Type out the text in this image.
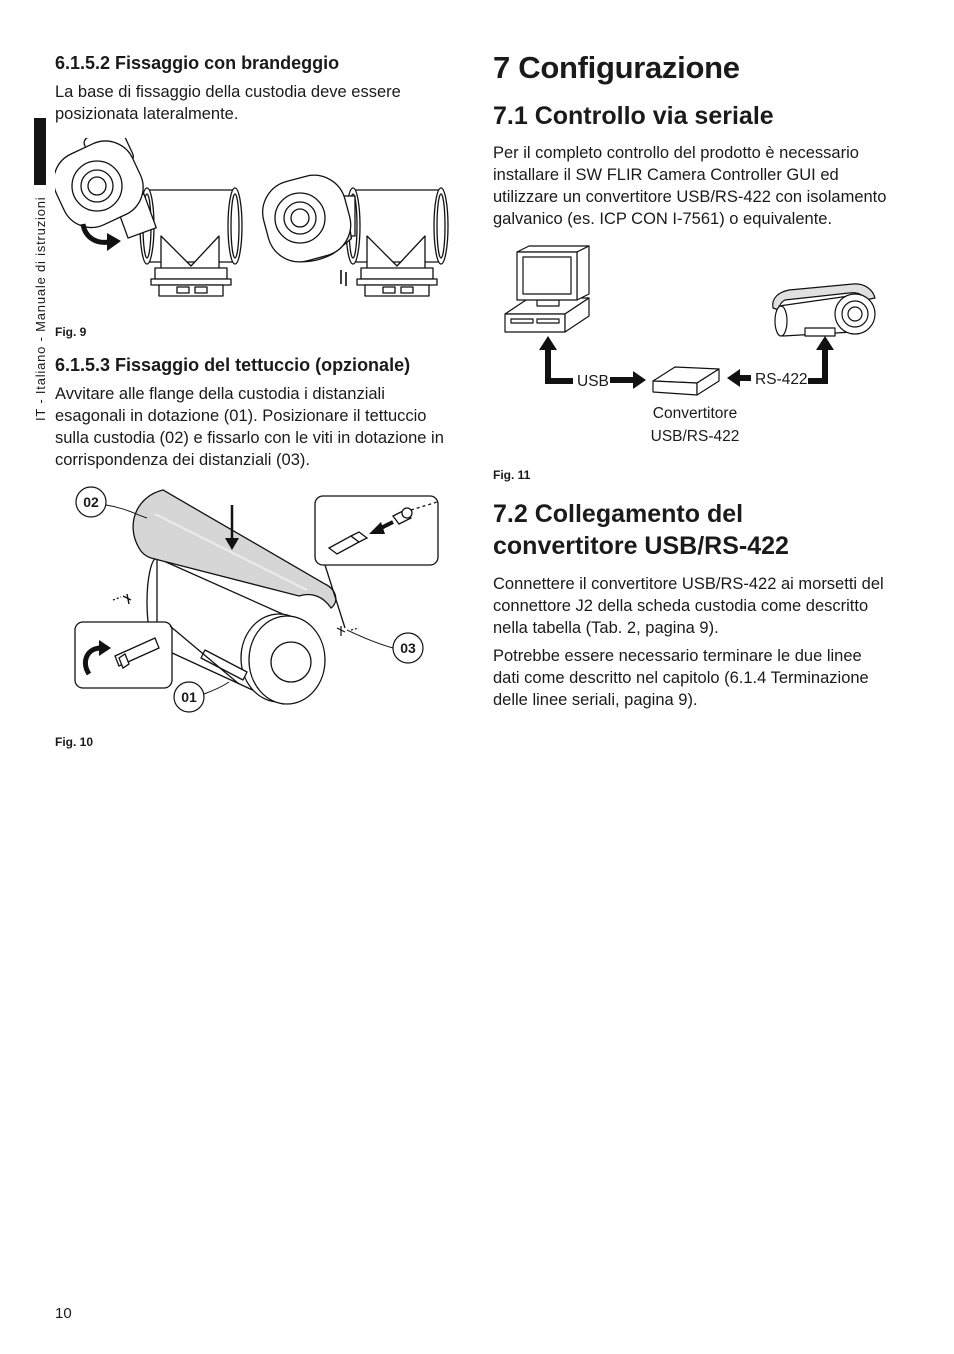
IT - Italiano - Manuale di istruzioni
6.1.5.2 Fissaggio con brandeggio
La base di fissaggio della custodia deve essere
posizionata lateralmente.
Fig. 9
6.1.5.3 Fissaggio del tettuccio (opzionale)
Avvitare alle flange della custodia i distanziali
esagonali in dotazione (01). Posizionare il tettuccio
sulla custodia (02) e fissarlo con le viti in dotazione in
corrispondenza dei distanziali (03).
02
03
01
Fig. 10
7 Configurazione
7.1 Controllo via seriale
Per il completo controllo del prodotto è necessario
installare il SW FLIR Camera Controller GUI ed
utilizzare un convertitore USB/RS-422 con isolamento
galvanico (es. ICP CON I-7561) o equivalente.
USB	RS-422
Convertitore
USB/RS-422
Fig. 11
7.2 Collegamento del
convertitore USB/RS-422
Connettere il convertitore USB/RS-422 ai morsetti del
connettore J2 della scheda custodia come descritto
nella tabella (Tab. 2, pagina 9).
Potrebbe essere necessario terminare le due linee
dati come descritto nel capitolo (6.1.4 Terminazione
delle linee seriali, pagina 9).
10
